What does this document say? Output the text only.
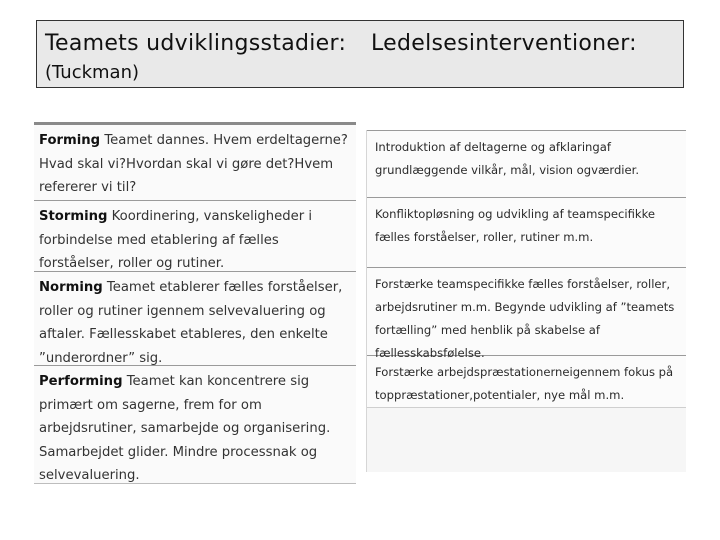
Teamets udviklingsstadier: Ledelsesinterventioner:
(Tuckman)
Forming Teamet dannes. Hvem erdeltagerne? Hvad skal vi?Hvordan skal vi gøre det?Hvem refererer vi til?
Storming Koordinering, vanskeligheder i forbindelse med etablering af fælles forståelser, roller og rutiner.
Norming Teamet etablerer fælles forståelser, roller og rutiner igennem selvevaluering og aftaler. Fællesskabet etableres, den enkelte ”underordner” sig.
Performing Teamet kan koncentrere sig primært om sagerne, frem for om arbejdsrutiner, samarbejde og organisering. Samarbejdet glider. Mindre processnak og selvevaluering.
Introduktion af deltagerne og afklaringaf grundlæggende vilkår, mål, vision ogværdier.
Konfliktopløsning og udvikling af teamspecifikke fælles forståelser, roller, rutiner m.m.
Forstærke teamspecifikke fælles forståelser, roller, arbejdsrutiner m.m. Begynde udvikling af ”teamets fortælling” med henblik på skabelse af fællesskabsfølelse.
Forstærke arbejdspræstationerneigennem fokus på toppræstationer,potentialer, nye mål m.m.
